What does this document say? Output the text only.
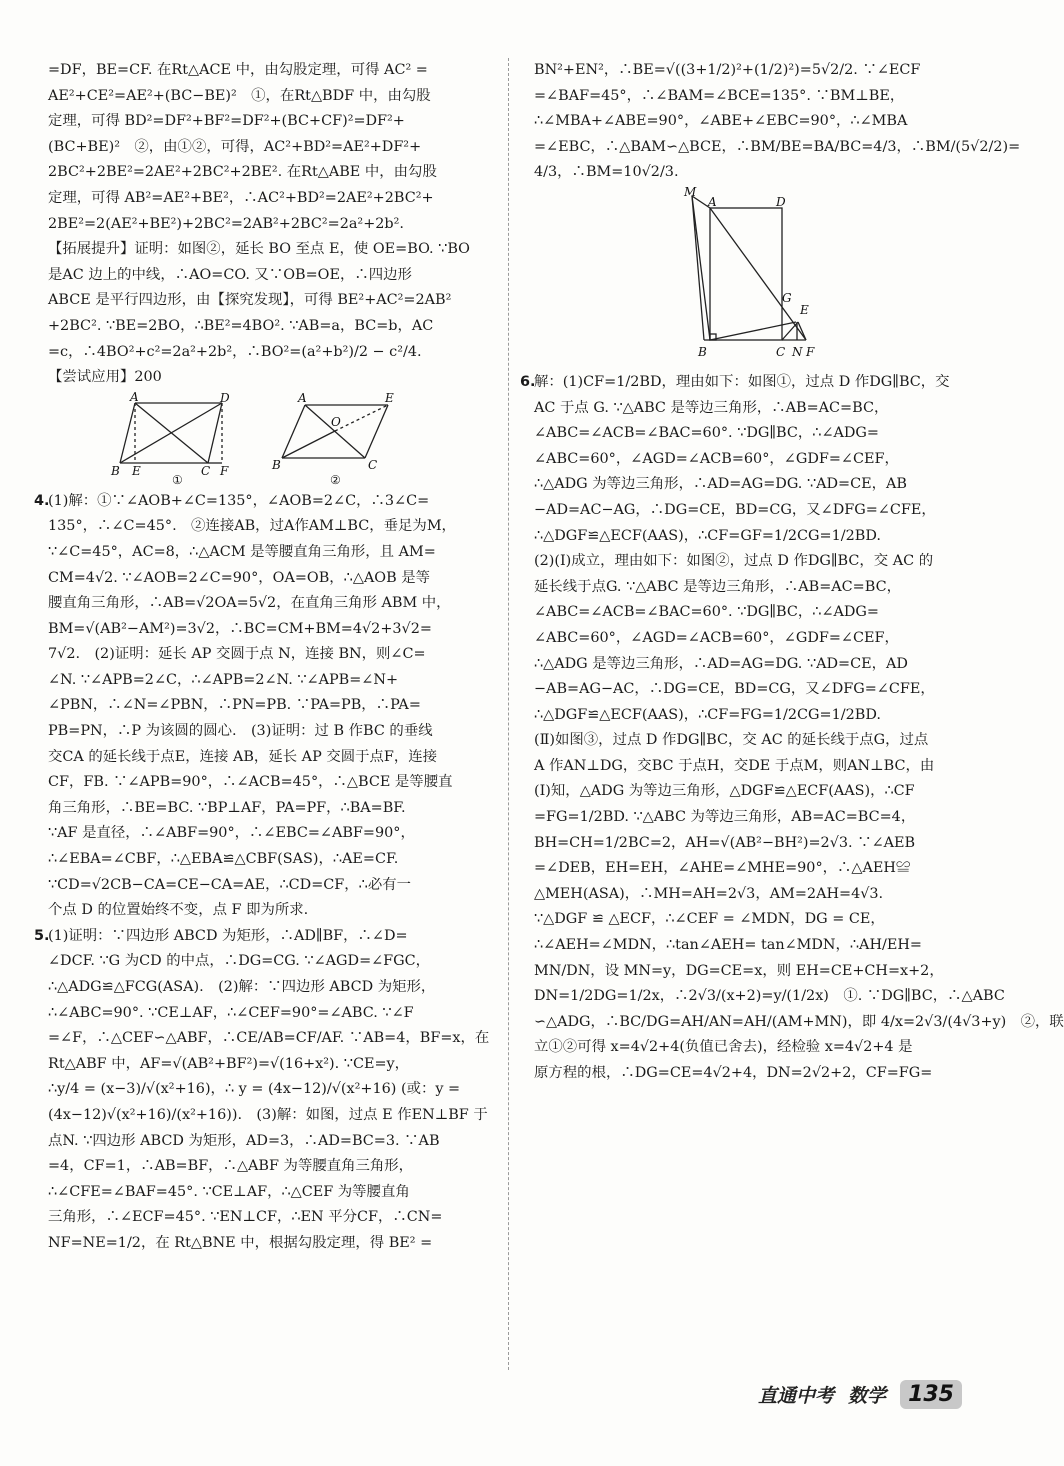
=DF，BE=CF. 在Rt△ACE 中，由勾股定理，可得 AC² =
AE²+CE²=AE²+(BC−BE)²　①，在Rt△BDF 中，由勾股
定理，可得 BD²=DF²+BF²=DF²+(BC+CF)²=DF²+
(BC+BE)²　②，由①②，可得，AC²+BD²=AE²+DF²+
2BC²+2BE²=2AE²+2BC²+2BE². 在Rt△ABE 中，由勾股
定理，可得 AB²=AE²+BE²，∴AC²+BD²=2AE²+2BC²+
2BE²=2(AE²+BE²)+2BC²=2AB²+2BC²=2a²+2b².
【拓展提升】证明：如图②，延长 BO 至点 E，使 OE=BO. ∵BO
是AC 边上的中线，∴AO=CO. 又∵OB=OE，∴四边形
ABCE 是平行四边形，由【探究发现】，可得 BE²+AC²=2AB²
+2BC². ∵BE=2BO，∴BE²=4BO². ∵AB=a，BC=b，AC
=c，∴4BO²+c²=2a²+2b²，∴BO²=(a²+b²)/2 − c²/4.
【尝试应用】200
A	D
B E	C F
①
A	E
O
B	C
②
4.
(1)解：①∵∠AOB+∠C=135°，∠AOB=2∠C，∴3∠C=
135°，∴∠C=45°.　②连接AB，过A作AM⊥BC，垂足为M，
∵∠C=45°，AC=8，∴△ACM 是等腰直角三角形，且 AM=
CM=4√2. ∵∠AOB=2∠C=90°，OA=OB，∴△AOB 是等
腰直角三角形，∴AB=√2OA=5√2，在直角三角形 ABM 中，
BM=√(AB²−AM²)=3√2，∴BC=CM+BM=4√2+3√2=
7√2.　(2)证明：延长 AP 交圆于点 N，连接 BN，则∠C=
∠N. ∵∠APB=2∠C，∴∠APB=2∠N. ∵∠APB=∠N+
∠PBN，∴∠N=∠PBN，∴PN=PB. ∵PA=PB，∴PA=
PB=PN，∴P 为该圆的圆心.　(3)证明：过 B 作BC 的垂线
交CA 的延长线于点E，连接 AB，延长 AP 交圆于点F，连接
CF，FB. ∵∠APB=90°，∴∠ACB=45°，∴△BCE 是等腰直
角三角形，∴BE=BC. ∵BP⊥AF，PA=PF，∴BA=BF.
∵AF 是直径，∴∠ABF=90°，∴∠EBC=∠ABF=90°，
∴∠EBA=∠CBF，∴△EBA≌△CBF(SAS)，∴AE=CF.
∵CD=√2CB−CA=CE−CA=AE，∴CD=CF，∴必有一
个点 D 的位置始终不变，点 F 即为所求.
5.
(1)证明：∵四边形 ABCD 为矩形，∴AD∥BF，∴∠D=
∠DCF. ∵G 为CD 的中点，∴DG=CG. ∵∠AGD=∠FGC，
∴△ADG≌△FCG(ASA).　(2)解：∵四边形 ABCD 为矩形，
∴∠ABC=90°. ∵CE⊥AF，∴∠CEF=90°=∠ABC. ∵∠F
=∠F，∴△CEF∽△ABF，∴CE/AB=CF/AF. ∵AB=4，BF=x，在
Rt△ABF 中，AF=√(AB²+BF²)=√(16+x²). ∵CE=y，
∴y/4 = (x−3)/√(x²+16)，∴ y = (4x−12)/√(x²+16) (或：y =
(4x−12)√(x²+16)/(x²+16)).　(3)解：如图，过点 E 作EN⊥BF 于
点N. ∵四边形 ABCD 为矩形，AD=3，∴AD=BC=3. ∵AB
=4，CF=1，∴AB=BF，∴△ABF 为等腰直角三角形，
∴∠CFE=∠BAF=45°. ∵CE⊥AF，∴△CEF 为等腰直角
三角形，∴∠ECF=45°. ∵EN⊥CF，∴EN 平分CF，∴CN=
NF=NE=1/2，在 Rt△BNE 中，根据勾股定理，得 BE² =
BN²+EN²，∴BE=√((3+1/2)²+(1/2)²)=5√2/2. ∵∠ECF
=∠BAF=45°，∴∠BAM=∠BCE=135°. ∵BM⊥BE，
∴∠MBA+∠ABE=90°，∠ABE+∠EBC=90°，∴∠MBA
=∠EBC，∴△BAM∽△BCE，∴BM/BE=BA/BC=4/3，∴BM/(5√2/2)=
4/3，∴BM=10√2/3.
M
A	D
G
E
B	C N F
6.
解：(1)CF=1/2BD，理由如下：如图①，过点 D 作DG∥BC，交
AC 于点 G. ∵△ABC 是等边三角形，∴AB=AC=BC，
∠ABC=∠ACB=∠BAC=60°. ∵DG∥BC，∴∠ADG=
∠ABC=60°，∠AGD=∠ACB=60°，∠GDF=∠CEF，
∴△ADG 为等边三角形，∴AD=AG=DG. ∵AD=CE，AB
−AD=AC−AG，∴DG=CE，BD=CG，又∠DFG=∠CFE，
∴△DGF≌△ECF(AAS)，∴CF=GF=1/2CG=1/2BD.
(2)(Ⅰ)成立，理由如下：如图②，过点 D 作DG∥BC，交 AC 的
延长线于点G. ∵△ABC 是等边三角形，∴AB=AC=BC，
∠ABC=∠ACB=∠BAC=60°. ∵DG∥BC，∴∠ADG=
∠ABC=60°，∠AGD=∠ACB=60°，∠GDF=∠CEF，
∴△ADG 是等边三角形，∴AD=AG=DG. ∵AD=CE，AD
−AB=AG−AC，∴DG=CE，BD=CG，又∠DFG=∠CFE，
∴△DGF≌△ECF(AAS)，∴CF=FG=1/2CG=1/2BD.
(Ⅱ)如图③，过点 D 作DG∥BC，交 AC 的延长线于点G，过点
A 作AN⊥DG，交BC 于点H，交DE 于点M，则AN⊥BC，由
(Ⅰ)知，△ADG 为等边三角形，△DGF≌△ECF(AAS)，∴CF
=FG=1/2BD. ∵△ABC 为等边三角形，AB=AC=BC=4，
BH=CH=1/2BC=2，AH=√(AB²−BH²)=2√3. ∵∠AEB
=∠DEB，EH=EH，∠AHE=∠MHE=90°，∴△AEH≌
△MEH(ASA)，∴MH=AH=2√3，AM=2AH=4√3.
∵△DGF ≌ △ECF，∴∠CEF = ∠MDN，DG = CE，
∴∠AEH=∠MDN，∴tan∠AEH= tan∠MDN，∴AH/EH=
MN/DN，设 MN=y，DG=CE=x，则 EH=CE+CH=x+2，
DN=1/2DG=1/2x，∴2√3/(x+2)=y/(1/2x)　①. ∵DG∥BC，∴△ABC
∽△ADG，∴BC/DG=AH/AN=AH/(AM+MN)，即 4/x=2√3/(4√3+y)　②，联
立①②可得 x=4√2+4(负值已舍去)，经检验 x=4√2+4 是
原方程的根，∴DG=CE=4√2+4，DN=2√2+2，CF=FG=
直通中考 数学	135
